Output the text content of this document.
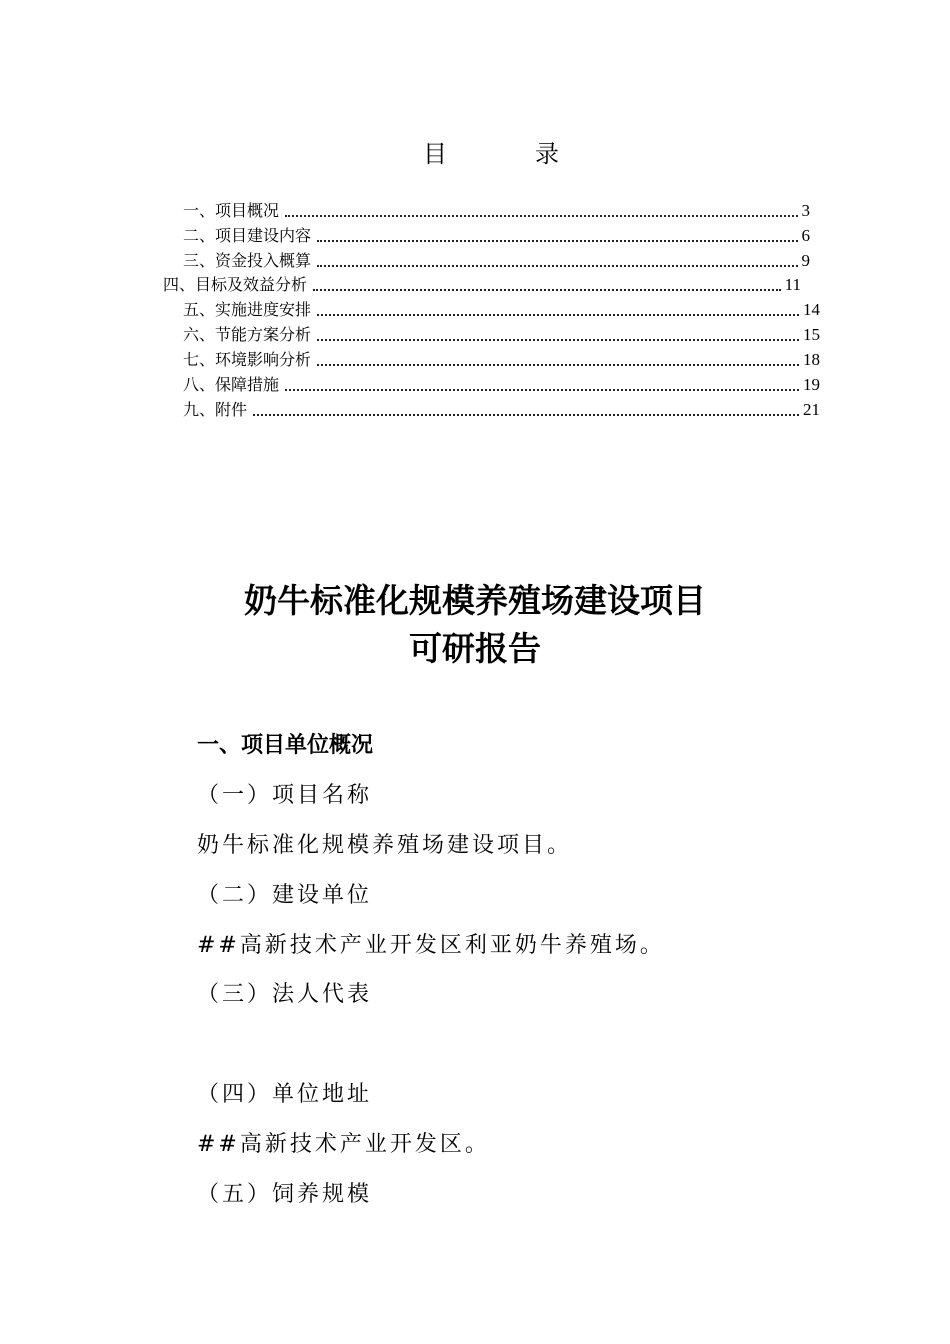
目　录
一、项目概况	3
二、项目建设内容	6
三、资金投入概算	9
四、目标及效益分析	11
五、实施进度安排	14
六、节能方案分析	15
七、环境影响分析	18
八、保障措施	19
九、附件	21
奶牛标准化规模养殖场建设项目
可研报告
一、项目单位概况
（一）项目名称
奶牛标准化规模养殖场建设项目。
（二）建设单位
##高新技术产业开发区利亚奶牛养殖场。
（三）法人代表
（四）单位地址
##高新技术产业开发区。
（五）饲养规模
